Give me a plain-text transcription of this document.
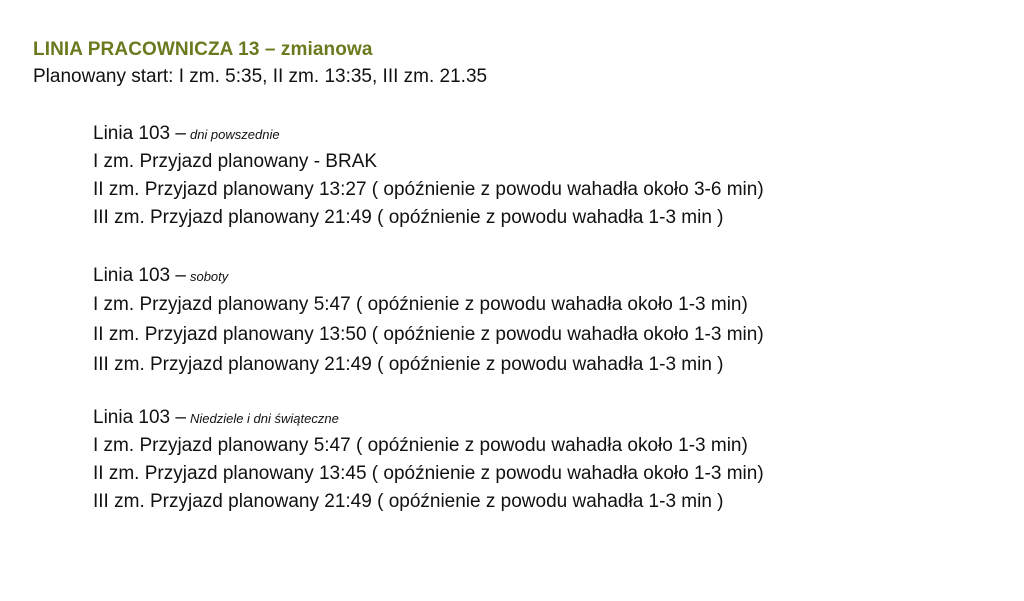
LINIA PRACOWNICZA 13 – zmianowa
Planowany start: I zm. 5:35, II zm. 13:35, III zm. 21.35
Linia 103 – dni powszednie
I zm. Przyjazd planowany - BRAK
II zm. Przyjazd planowany 13:27 ( opóźnienie z powodu wahadła około 3-6 min)
III zm. Przyjazd planowany 21:49 ( opóźnienie z powodu wahadła 1-3 min )
Linia 103 – soboty
I zm. Przyjazd planowany 5:47 ( opóźnienie z powodu wahadła około 1-3 min)
II zm. Przyjazd planowany 13:50 ( opóźnienie z powodu wahadła około 1-3 min)
III zm. Przyjazd planowany 21:49 ( opóźnienie z powodu wahadła 1-3 min )
Linia 103 – Niedziele i dni świąteczne
I zm. Przyjazd planowany 5:47 ( opóźnienie z powodu wahadła około 1-3 min)
II zm. Przyjazd planowany 13:45 ( opóźnienie z powodu wahadła około 1-3 min)
III zm. Przyjazd planowany 21:49 ( opóźnienie z powodu wahadła 1-3 min )
